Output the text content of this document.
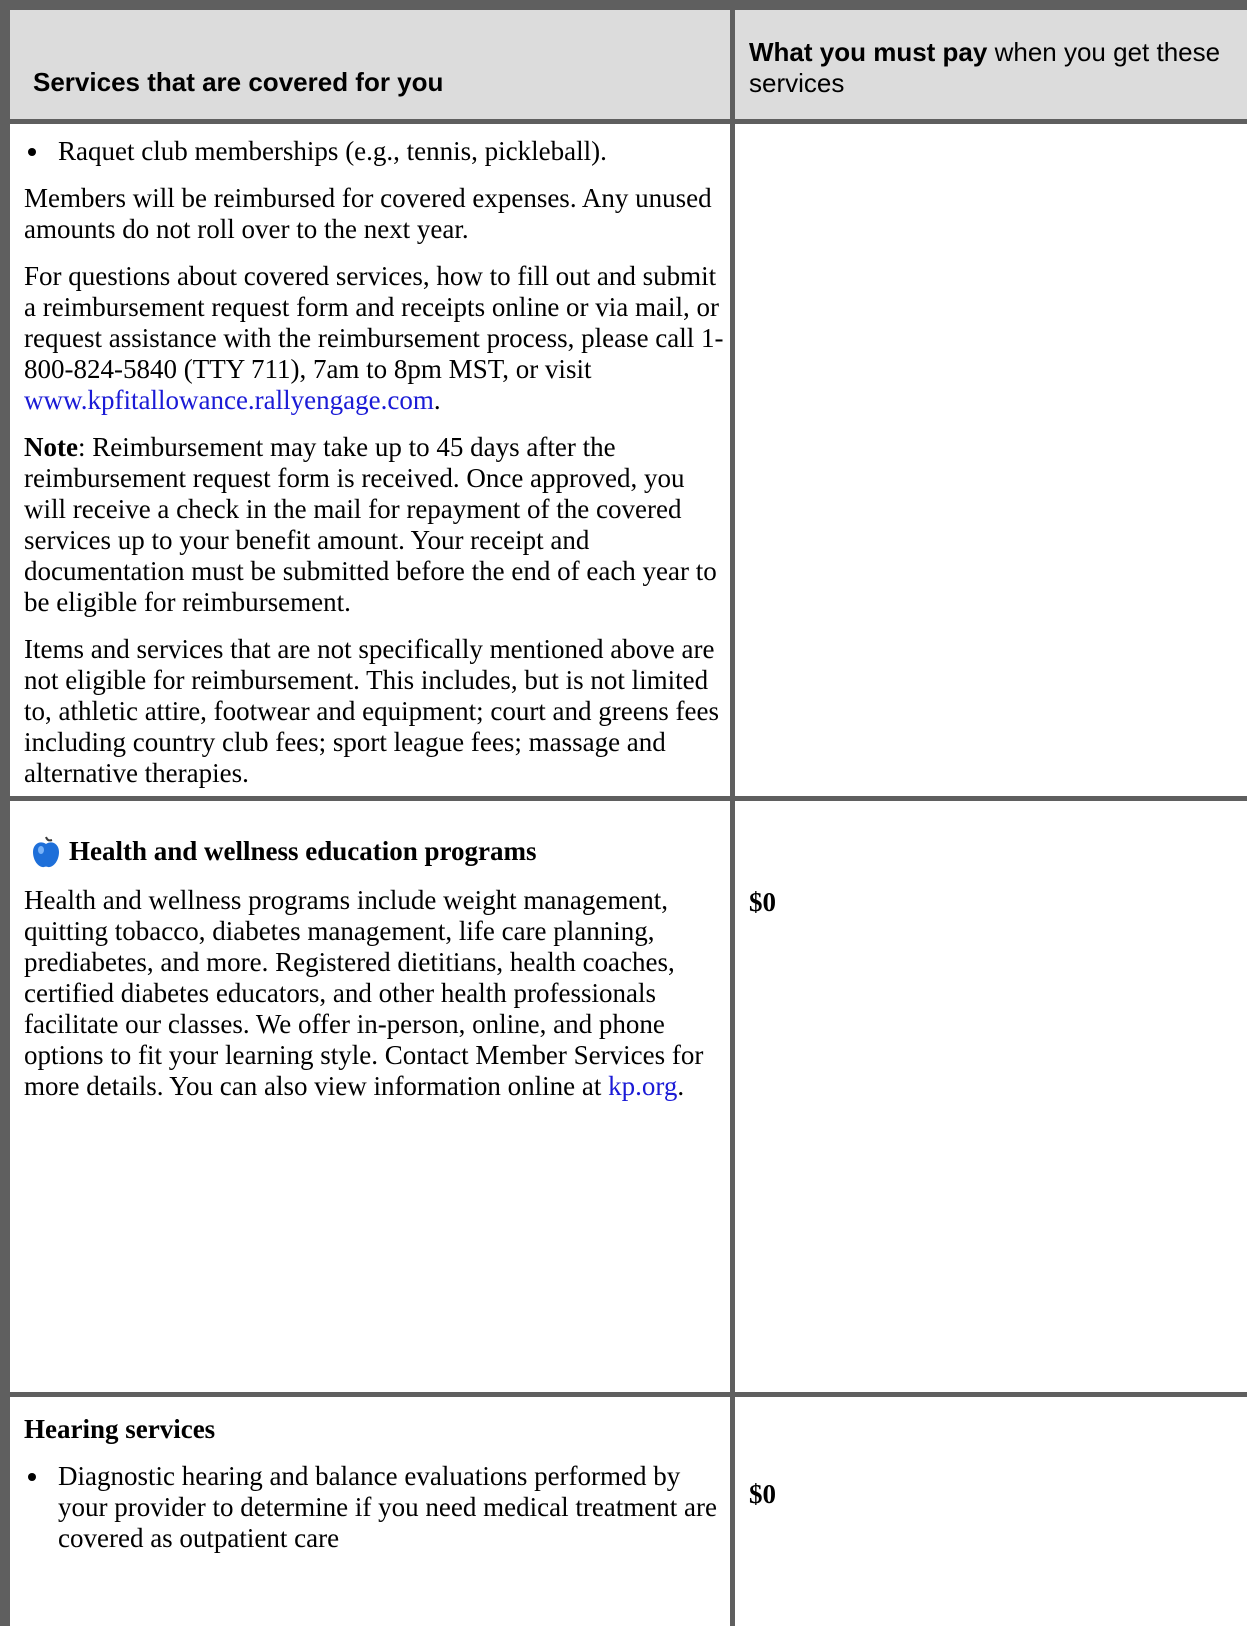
Services that are covered for you
What you must pay when you get these services
Raquet club memberships (e.g., tennis, pickleball).

Members will be reimbursed for covered expenses. Any unused amounts do not roll over to the next year.

For questions about covered services, how to fill out and submit a reimbursement request form and receipts online or via mail, or request assistance with the reimbursement process, please call 1-800-824-5840 (TTY 711), 7am to 8pm MST, or visit www.kpfitallowance.rallyengage.com.

Note: Reimbursement may take up to 45 days after the reimbursement request form is received. Once approved, you will receive a check in the mail for repayment of the covered services up to your benefit amount. Your receipt and documentation must be submitted before the end of each year to be eligible for reimbursement.

Items and services that are not specifically mentioned above are not eligible for reimbursement. This includes, but is not limited to, athletic attire, footwear and equipment; court and greens fees including country club fees; sport league fees; massage and alternative therapies.

Health and wellness education programs

Health and wellness programs include weight management, quitting tobacco, diabetes management, life care planning, prediabetes, and more. Registered dietitians, health coaches, certified diabetes educators, and other health professionals facilitate our classes. We offer in-person, online, and phone options to fit your learning style. Contact Member Services for more details. You can also view information online at kp.org.

$0

Hearing services

Diagnostic hearing and balance evaluations performed by your provider to determine if you need medical treatment are covered as outpatient care
$0
